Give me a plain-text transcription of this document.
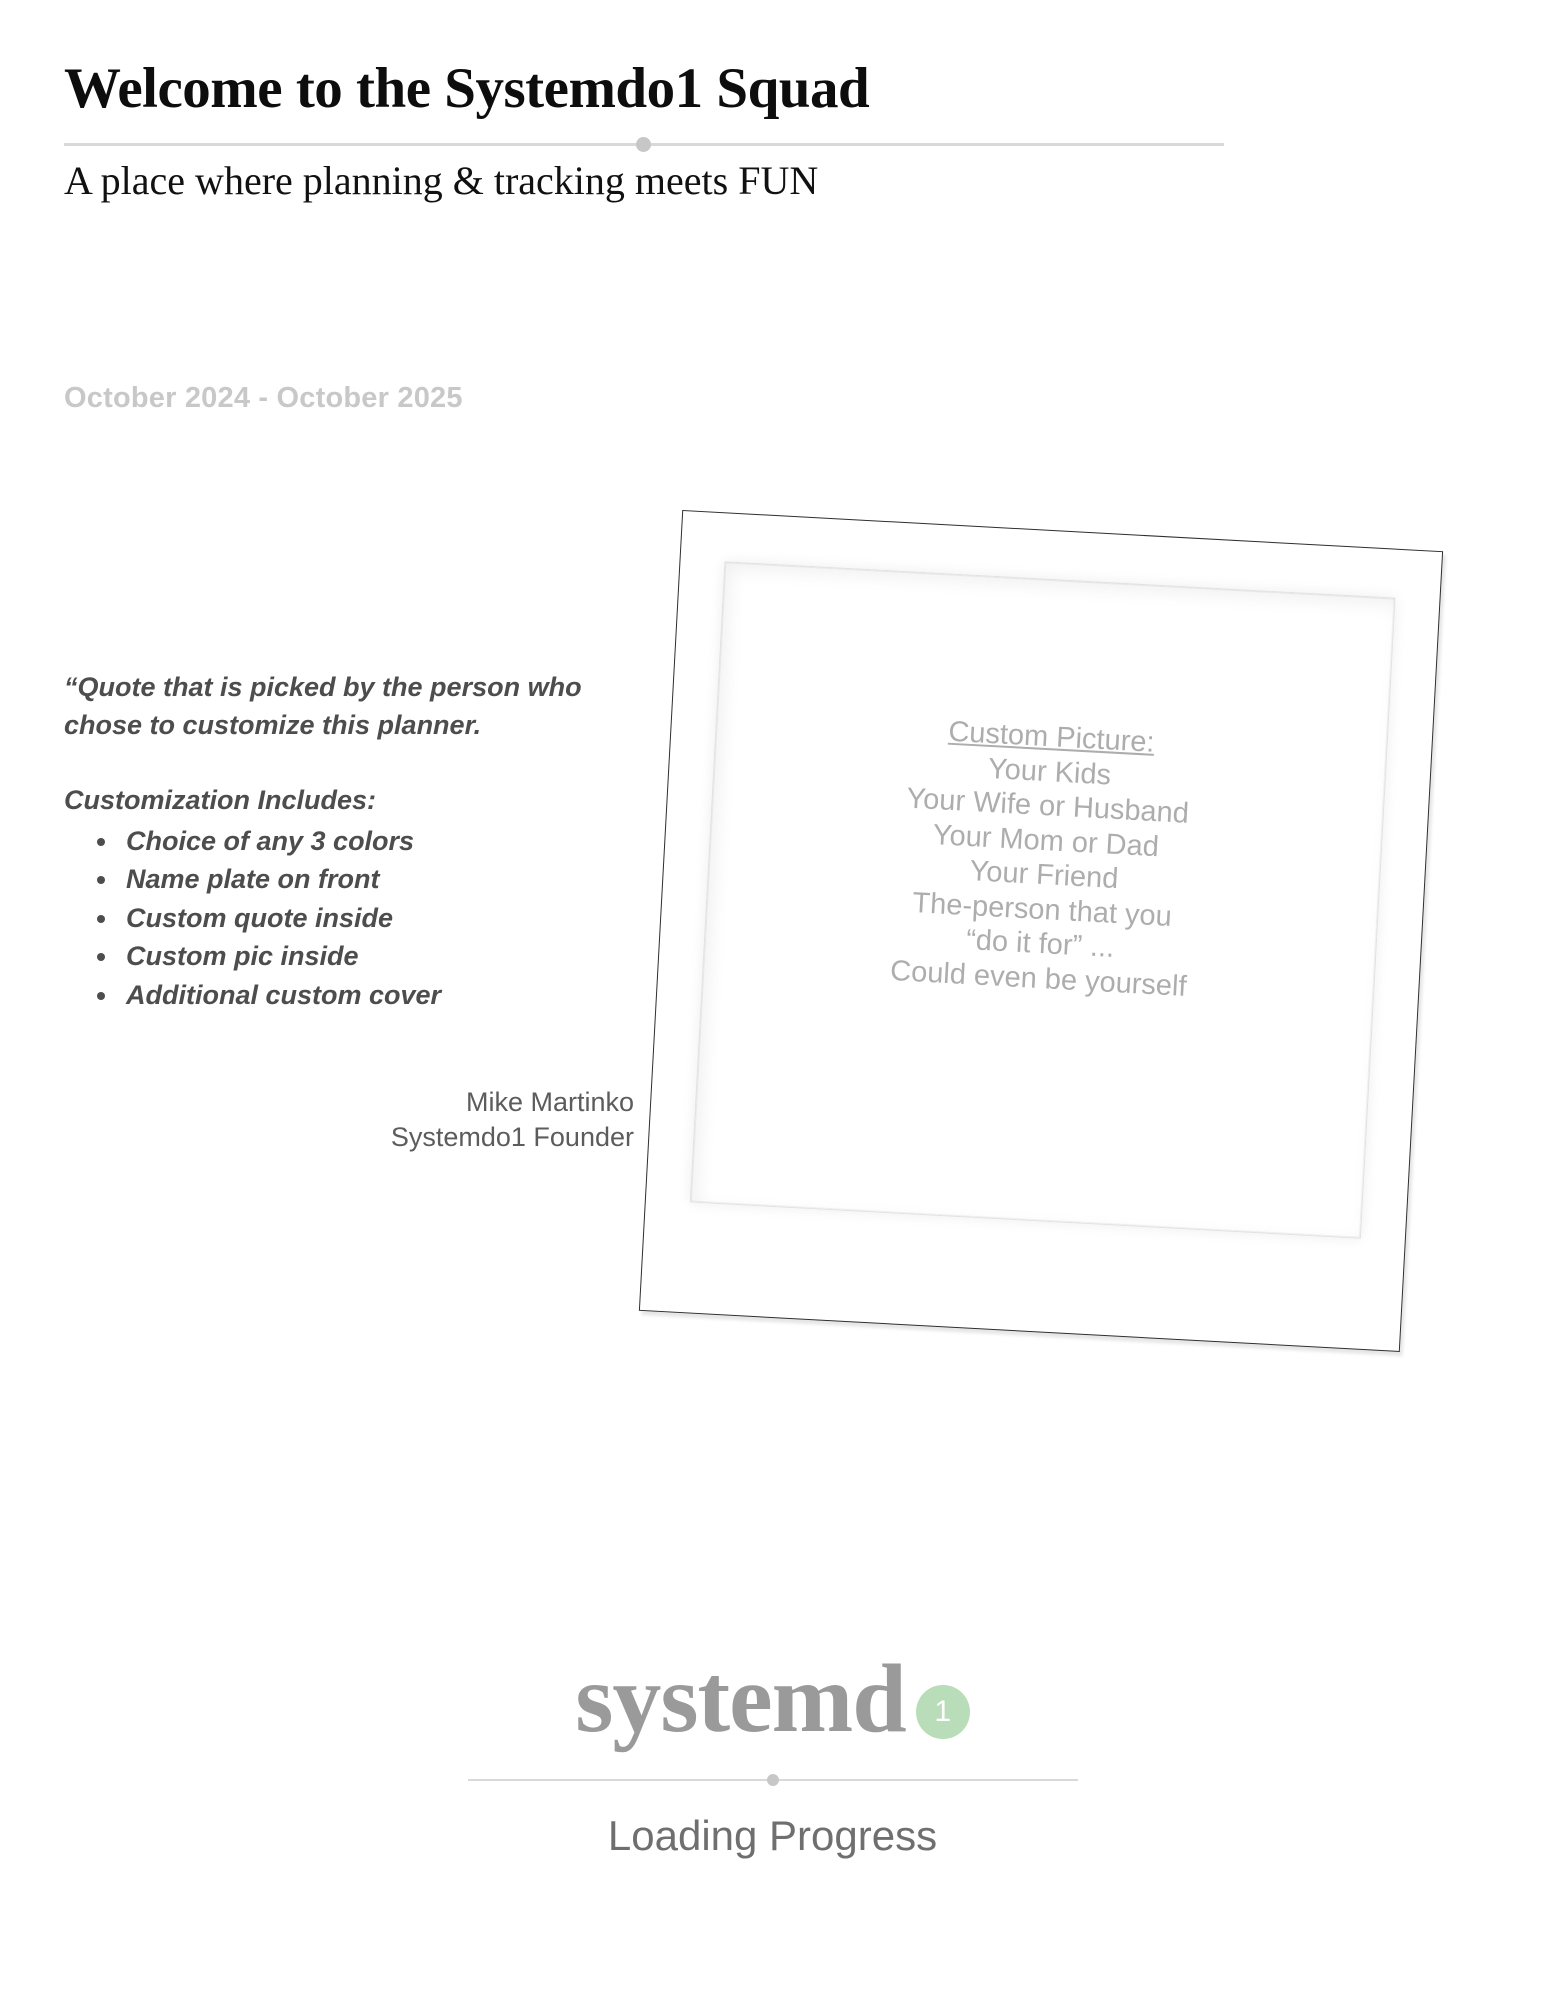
Welcome to the Systemdo1 Squad

A place where planning & tracking meets FUN

October 2024 - October 2025

“Quote that is picked by the person who chose to customize this planner.

Customization Includes:

• Choice of any 3 colors
• Name plate on front
• Custom quote inside
• Custom pic inside
• Additional custom cover
Mike Martinko
Systemdo1 Founder
Custom Picture:
Your Kids
Your Wife or Husband
Your Mom or Dad
Your Friend
The-person that you
“do it for” ...
Could even be yourself
systemd 1
Loading Progress
